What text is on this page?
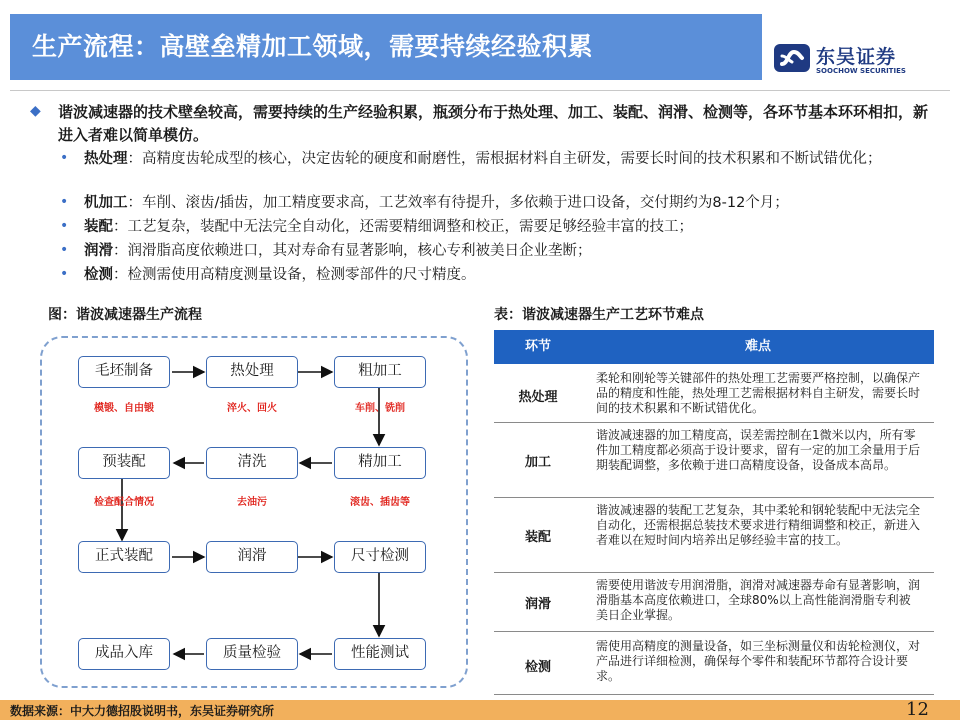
生产流程：高壁垒精加工领域，需要持续经验积累	东吴证券
SOOCHOW SECURITIES
◆ 谐波减速器的技术壁垒较高，需要持续的生产经验积累，瓶颈分布于热处理、加工、装配、润滑、检测等，各环节基本环环相扣，新进入者难以简单模仿。
• 热处理：高精度齿轮成型的核心，决定齿轮的硬度和耐磨性，需根据材料自主研发，需要长时间的技术积累和不断试错优化；
• 机加工：车削、滚齿/插齿，加工精度要求高，工艺效率有待提升，多依赖于进口设备，交付期约为8-12个月；
• 装配：工艺复杂，装配中无法完全自动化，还需要精细调整和校正，需要足够经验丰富的技工；
• 润滑：润滑脂高度依赖进口，其对寿命有显著影响，核心专利被美日企业垄断；
• 检测：检测需使用高精度测量设备，检测零部件的尺寸精度。
图：谐波减速器生产流程	表：谐波减速器生产工艺环节难点
毛坯制备	热处理	粗加工
精加工
清洗
预装配
正式装配	润滑	尺寸检测
性能测试
质量检验
成品入库
模锻、自由锻	淬火、回火	车削、铣削
检查配合情况	去油污	滚齿、插齿等
环节	难点
热处理
柔轮和刚轮等关键部件的热处理工艺需要严格控制，以确保产品的精度和性能，热处理工艺需根据材料自主研发，需要长时间的技术积累和不断试错优化。
加工
谐波减速器的加工精度高，误差需控制在1微米以内，所有零件加工精度都必须高于设计要求，留有一定的加工余量用于后期装配调整，多依赖于进口高精度设备，设备成本高昂。
装配
谐波减速器的装配工艺复杂，其中柔轮和钢轮装配中无法完全自动化，还需根据总装技术要求进行精细调整和校正，新进入者难以在短时间内培养出足够经验丰富的技工。
润滑
需要使用谐波专用润滑脂，润滑对减速器寿命有显著影响，润滑脂基本高度依赖进口，全球80%以上高性能润滑脂专利被美日企业掌握。
检测
需使用高精度的测量设备，如三坐标测量仪和齿轮检测仪，对产品进行详细检测，确保每个零件和装配环节都符合设计要求。
数据来源：中大力德招股说明书，东吴证券研究所	12
